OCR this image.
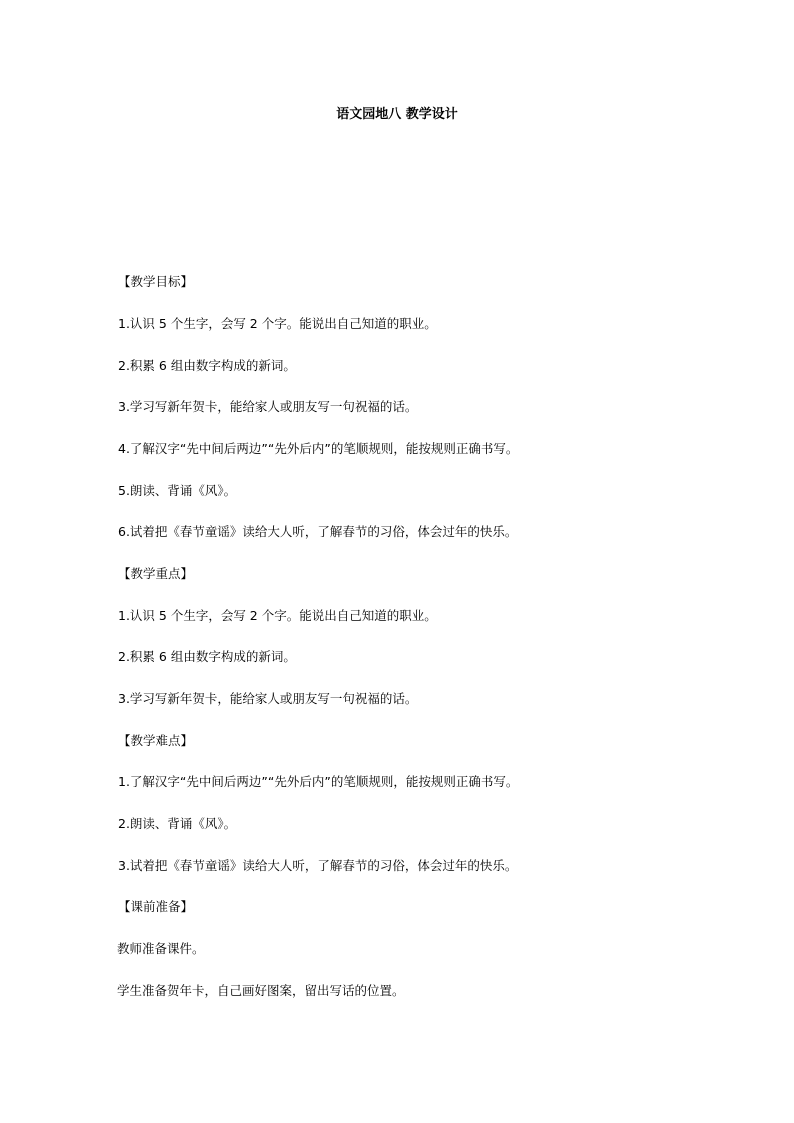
语文园地八 教学设计
【教学目标】
1.认识 5 个生字，会写 2 个字。能说出自己知道的职业。
2.积累 6 组由数字构成的新词。
3.学习写新年贺卡，能给家人或朋友写一句祝福的话。
4.了解汉字“先中间后两边”“先外后内”的笔顺规则，能按规则正确书写。
5.朗读、背诵《风》。
6.试着把《春节童谣》读给大人听，了解春节的习俗，体会过年的快乐。
【教学重点】
1.认识 5 个生字，会写 2 个字。能说出自己知道的职业。
2.积累 6 组由数字构成的新词。
3.学习写新年贺卡，能给家人或朋友写一句祝福的话。
【教学难点】
1.了解汉字“先中间后两边”“先外后内”的笔顺规则，能按规则正确书写。
2.朗读、背诵《风》。
3.试着把《春节童谣》读给大人听，了解春节的习俗，体会过年的快乐。
【课前准备】
教师准备课件。
学生准备贺年卡，自己画好图案，留出写话的位置。
